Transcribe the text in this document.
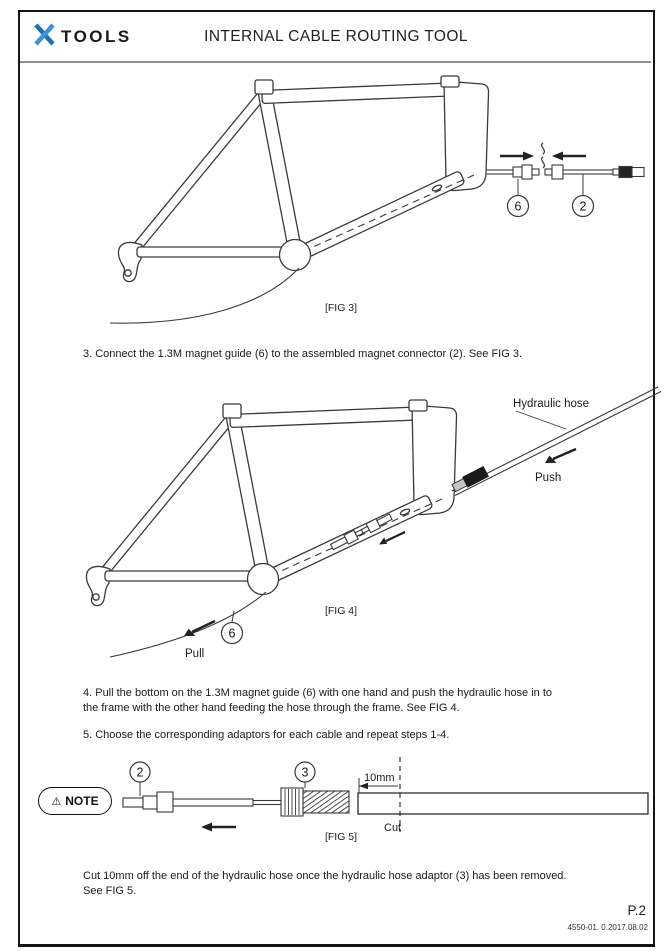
TOOLS	INTERNAL CABLE ROUTING TOOL
6	2
Hydraulic hose
Push
Pull
6
2	3	10mm
Cut
[FIG 3]
[FIG 4]
[FIG 5]
3. Connect the 1.3M magnet guide (6) to the assembled magnet connector (2). See FIG 3.
4. Pull the bottom on the 1.3M magnet guide (6) with one hand and push the hydraulic hose in to
the frame with the other hand feeding the hose through the frame. See FIG 4.
5. Choose the corresponding adaptors for each cable and repeat steps 1-4.
⚠ NOTE
Cut 10mm off the end of the hydraulic hose once the hydraulic hose adaptor (3) has been removed.
See FIG 5.
P.2
4550-01. 0.2017.08.02
